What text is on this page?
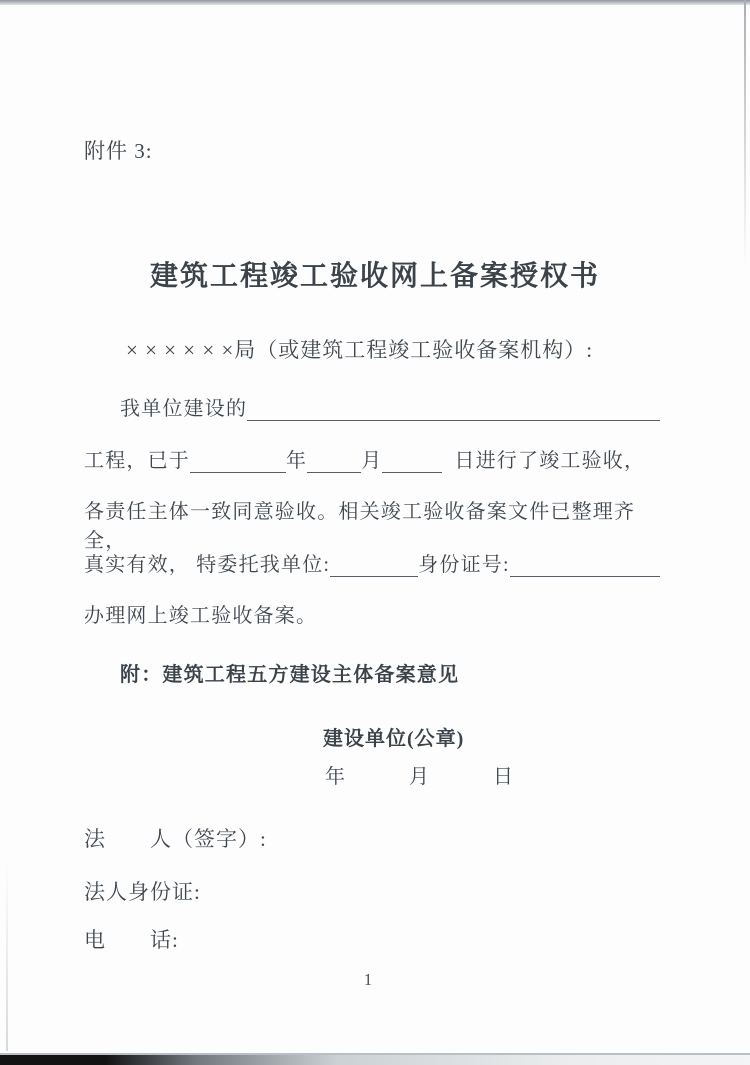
附件 3:
建筑工程竣工验收网上备案授权书
× × × × × ×局（或建筑工程竣工验收备案机构）:
我单位建设的
工程，已于	年	月	日进行了竣工验收，
各责任主体一致同意验收。相关竣工验收备案文件已整理齐全，
真实有效， 特委托我单位:	身份证号:
办理网上竣工验收备案。
附：建筑工程五方建设主体备案意见
建设单位(公章)
年　　　月　　　日
法　　人（签字）:
法人身份证:
电　　话:
1
